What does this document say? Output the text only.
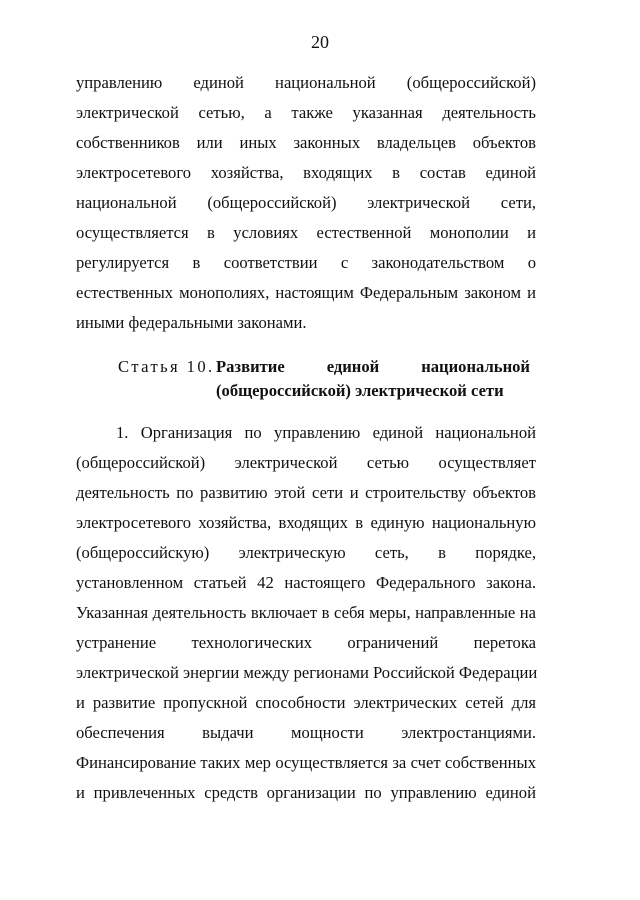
20
управлению единой национальной (общероссийской)
электрической сетью, а также указанная деятельность
собственников или иных законных владельцев объектов
электросетевого хозяйства, входящих в состав единой
национальной (общероссийской) электрической сети,
осуществляется в условиях естественной монополии и
регулируется в соответствии с законодательством о
естественных монополиях, настоящим Федеральным законом и
иными федеральными законами.
Статья 10. Развитие единой национальной
(общероссийской) электрической сети
1. Организация по управлению единой национальной
(общероссийской) электрической сетью осуществляет
деятельность по развитию этой сети и строительству объектов
электросетевого хозяйства, входящих в единую национальную
(общероссийскую) электрическую сеть, в порядке,
установленном статьей 42 настоящего Федерального закона.
Указанная деятельность включает в себя меры, направленные на
устранение технологических ограничений перетока
электрической энергии между регионами Российской Федерации
и развитие пропускной способности электрических сетей для
обеспечения выдачи мощности электростанциями.
Финансирование таких мер осуществляется за счет собственных
и привлеченных средств организации по управлению единой
